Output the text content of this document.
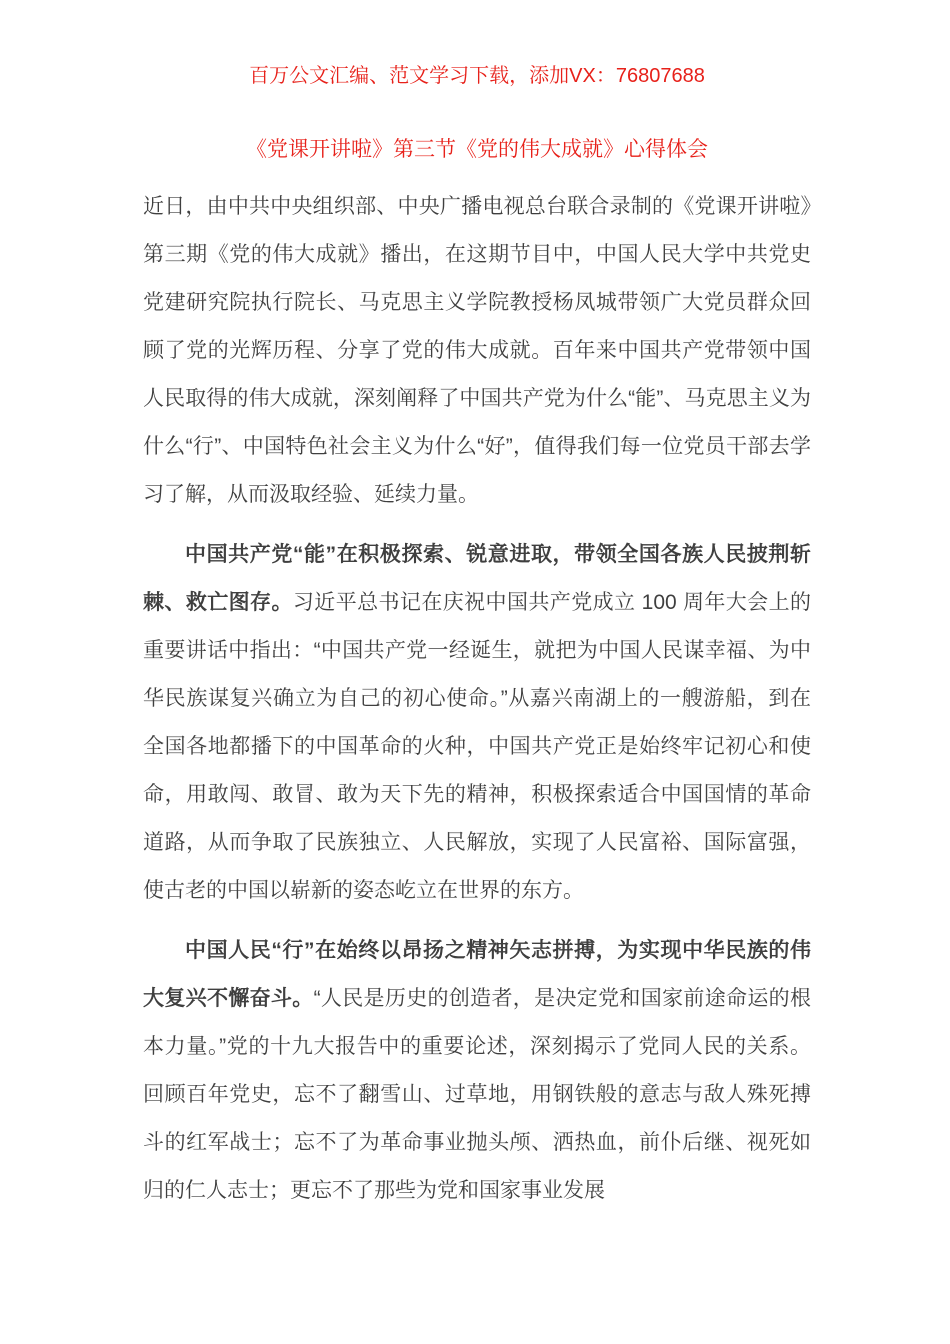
百万公文汇编、范文学习下载，添加VX：76807688
《党课开讲啦》第三节《党的伟大成就》心得体会

近日，由中共中央组织部、中央广播电视总台联合录制的《党课开讲啦》第三期《党的伟大成就》播出，在这期节目中，中国人民大学中共党史党建研究院执行院长、马克思主义学院教授杨凤城带领广大党员群众回顾了党的光辉历程、分享了党的伟大成就。百年来中国共产党带领中国人民取得的伟大成就，深刻阐释了中国共产党为什么“能”、马克思主义为什么“行”、中国特色社会主义为什么“好”，值得我们每一位党员干部去学习了解，从而汲取经验、延续力量。

中国共产党“能”在积极探索、锐意进取，带领全国各族人民披荆斩棘、救亡图存。习近平总书记在庆祝中国共产党成立 100 周年大会上的重要讲话中指出：“中国共产党一经诞生，就把为中国人民谋幸福、为中华民族谋复兴确立为自己的初心使命。”从嘉兴南湖上的一艘游船，到在全国各地都播下的中国革命的火种，中国共产党正是始终牢记初心和使命，用敢闯、敢冒、敢为天下先的精神，积极探索适合中国国情的革命道路，从而争取了民族独立、人民解放，实现了人民富裕、国际富强，使古老的中国以崭新的姿态屹立在世界的东方。

中国人民“行”在始终以昂扬之精神矢志拼搏，为实现中华民族的伟大复兴不懈奋斗。“人民是历史的创造者，是决定党和国家前途命运的根本力量。”党的十九大报告中的重要论述，深刻揭示了党同人民的关系。回顾百年党史，忘不了翻雪山、过草地，用钢铁般的意志与敌人殊死搏斗的红军战士；忘不了为革命事业抛头颅、洒热血，前仆后继、视死如归的仁人志士；更忘不了那些为党和国家事业发展
